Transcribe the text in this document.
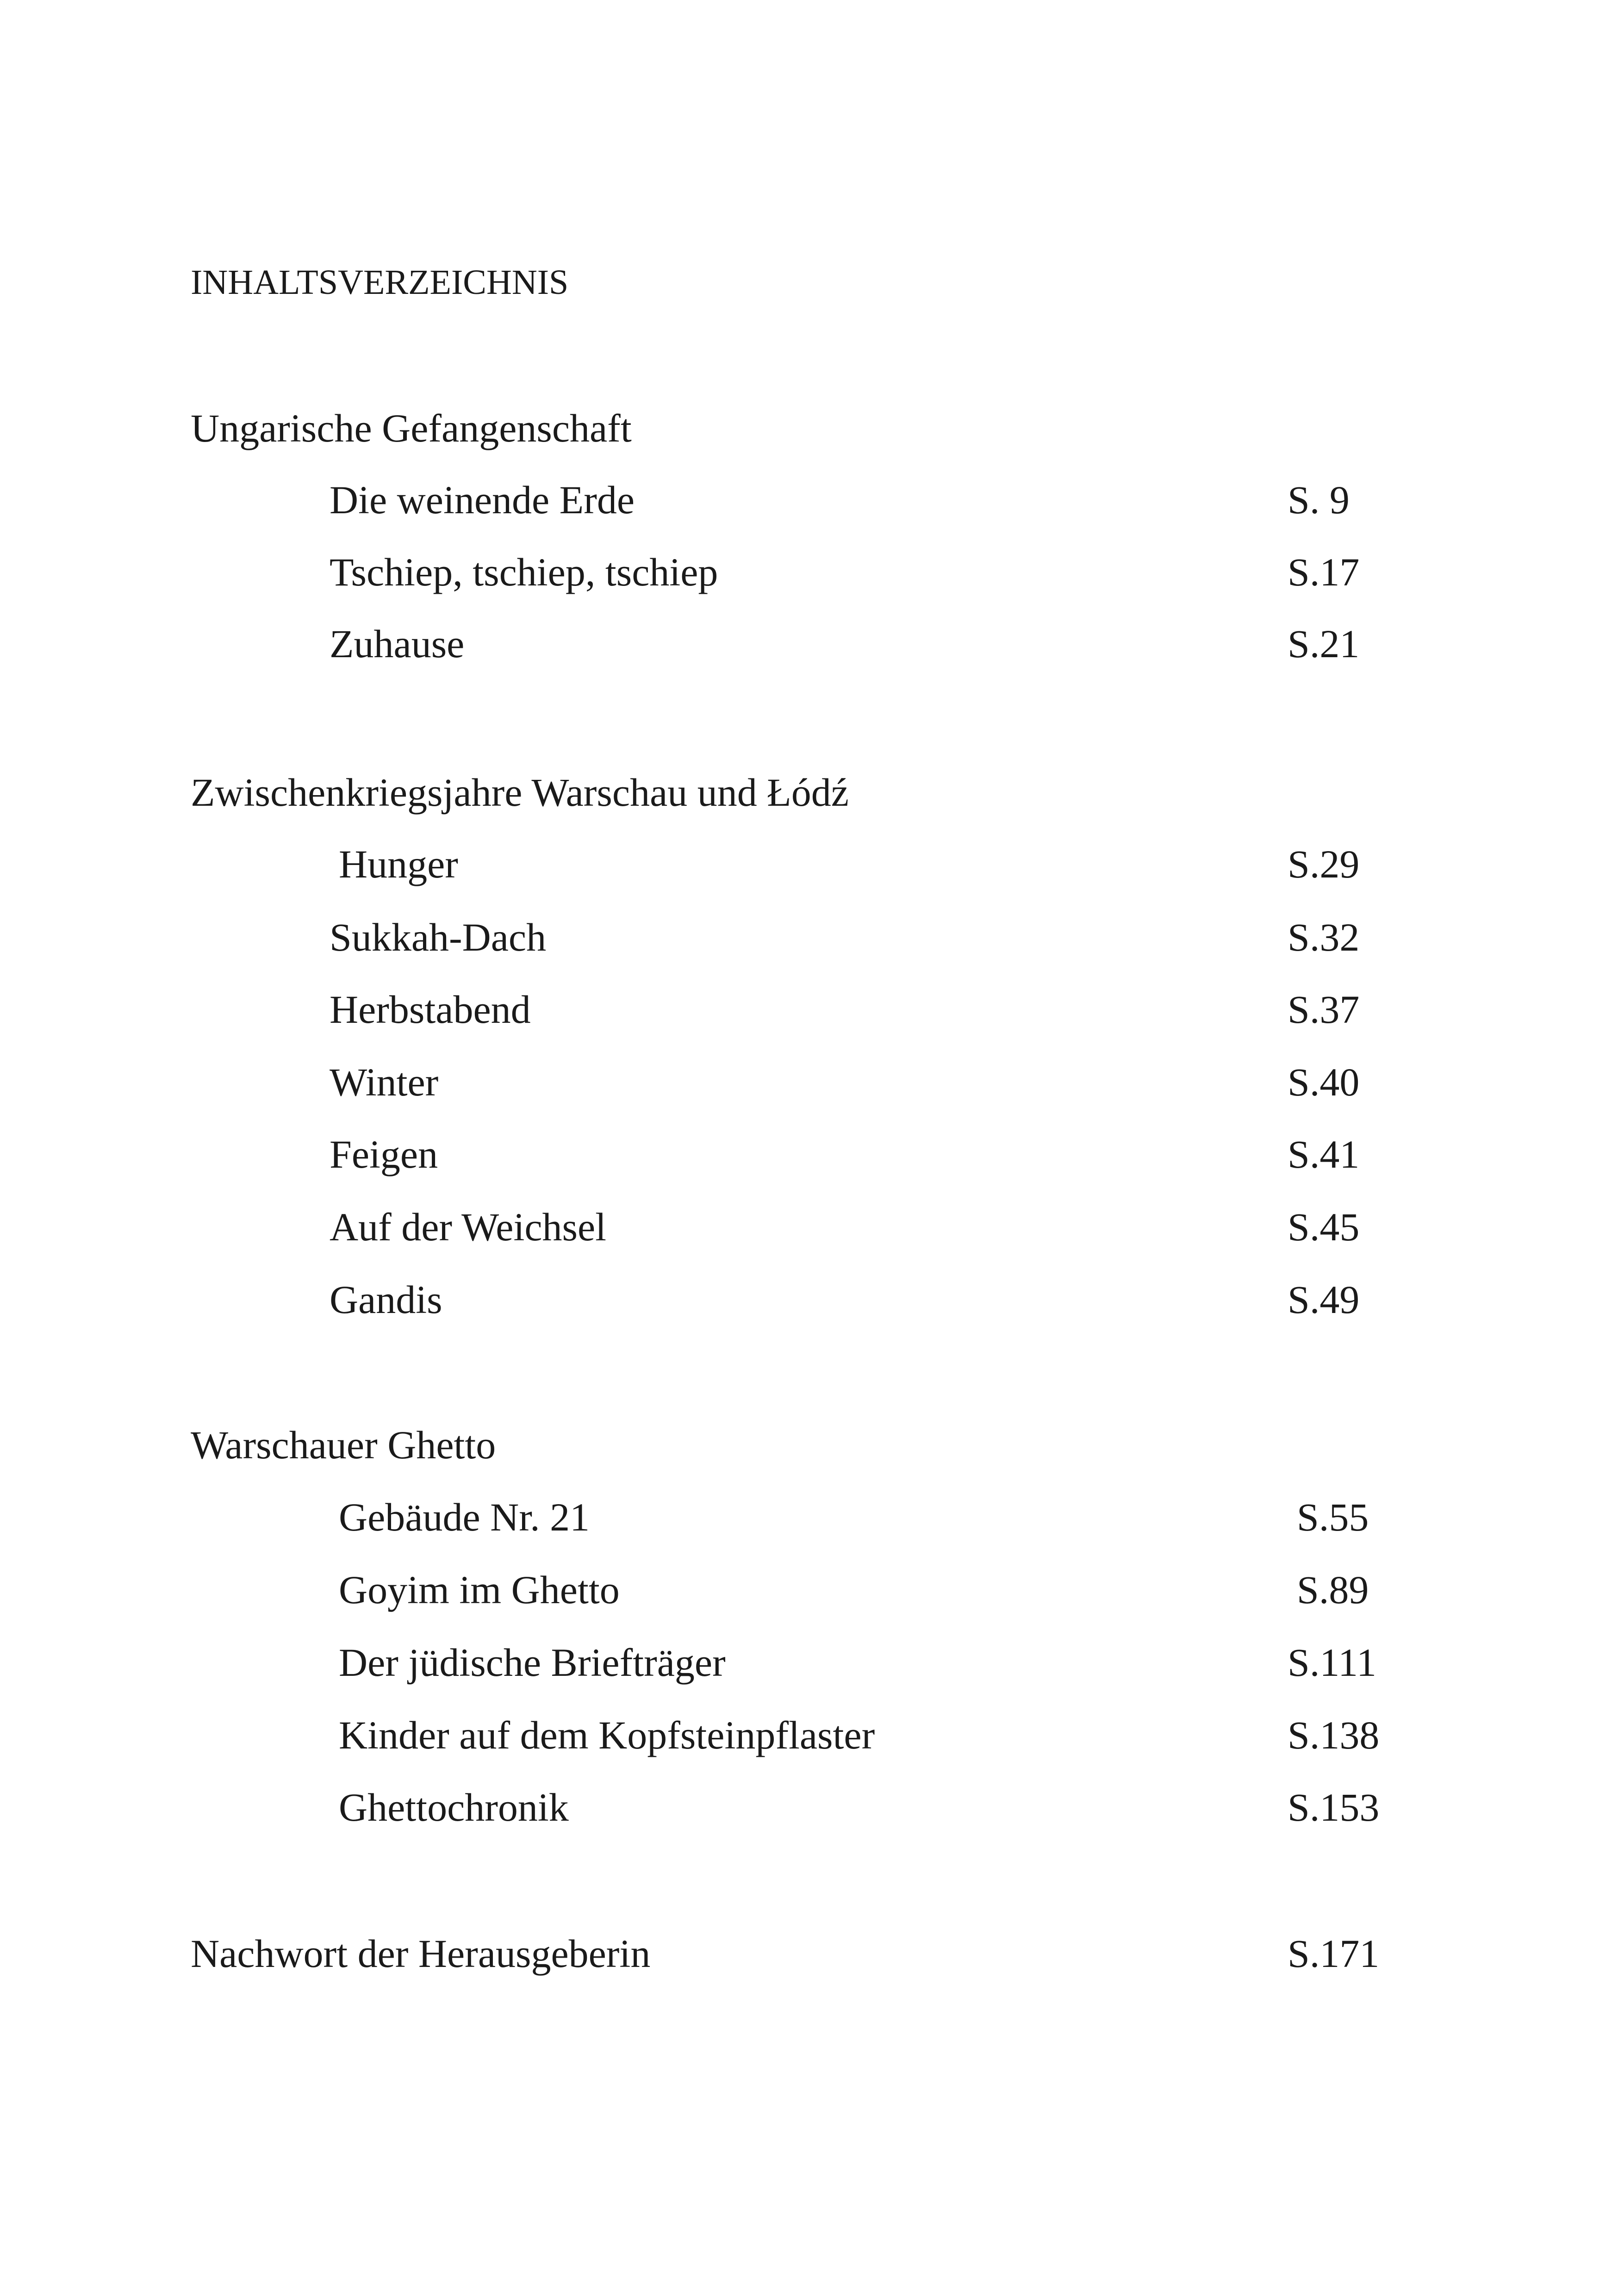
INHALTSVERZEICHNIS
Ungarische Gefangenschaft
Die weinende Erde	S. 9
Tschiep, tschiep, tschiep	S.17
Zuhause	S.21
Zwischenkriegsjahre Warschau und Łódź
Hunger	S.29
Sukkah-Dach	S.32
Herbstabend	S.37
Winter	S.40
Feigen	S.41
Auf der Weichsel	S.45
Gandis	S.49
Warschauer Ghetto
Gebäude Nr. 21	S.55
Goyim im Ghetto	S.89
Der jüdische Briefträger	S.111
Kinder auf dem Kopfsteinpflaster	S.138
Ghettochronik	S.153
Nachwort der Herausgeberin	S.171
